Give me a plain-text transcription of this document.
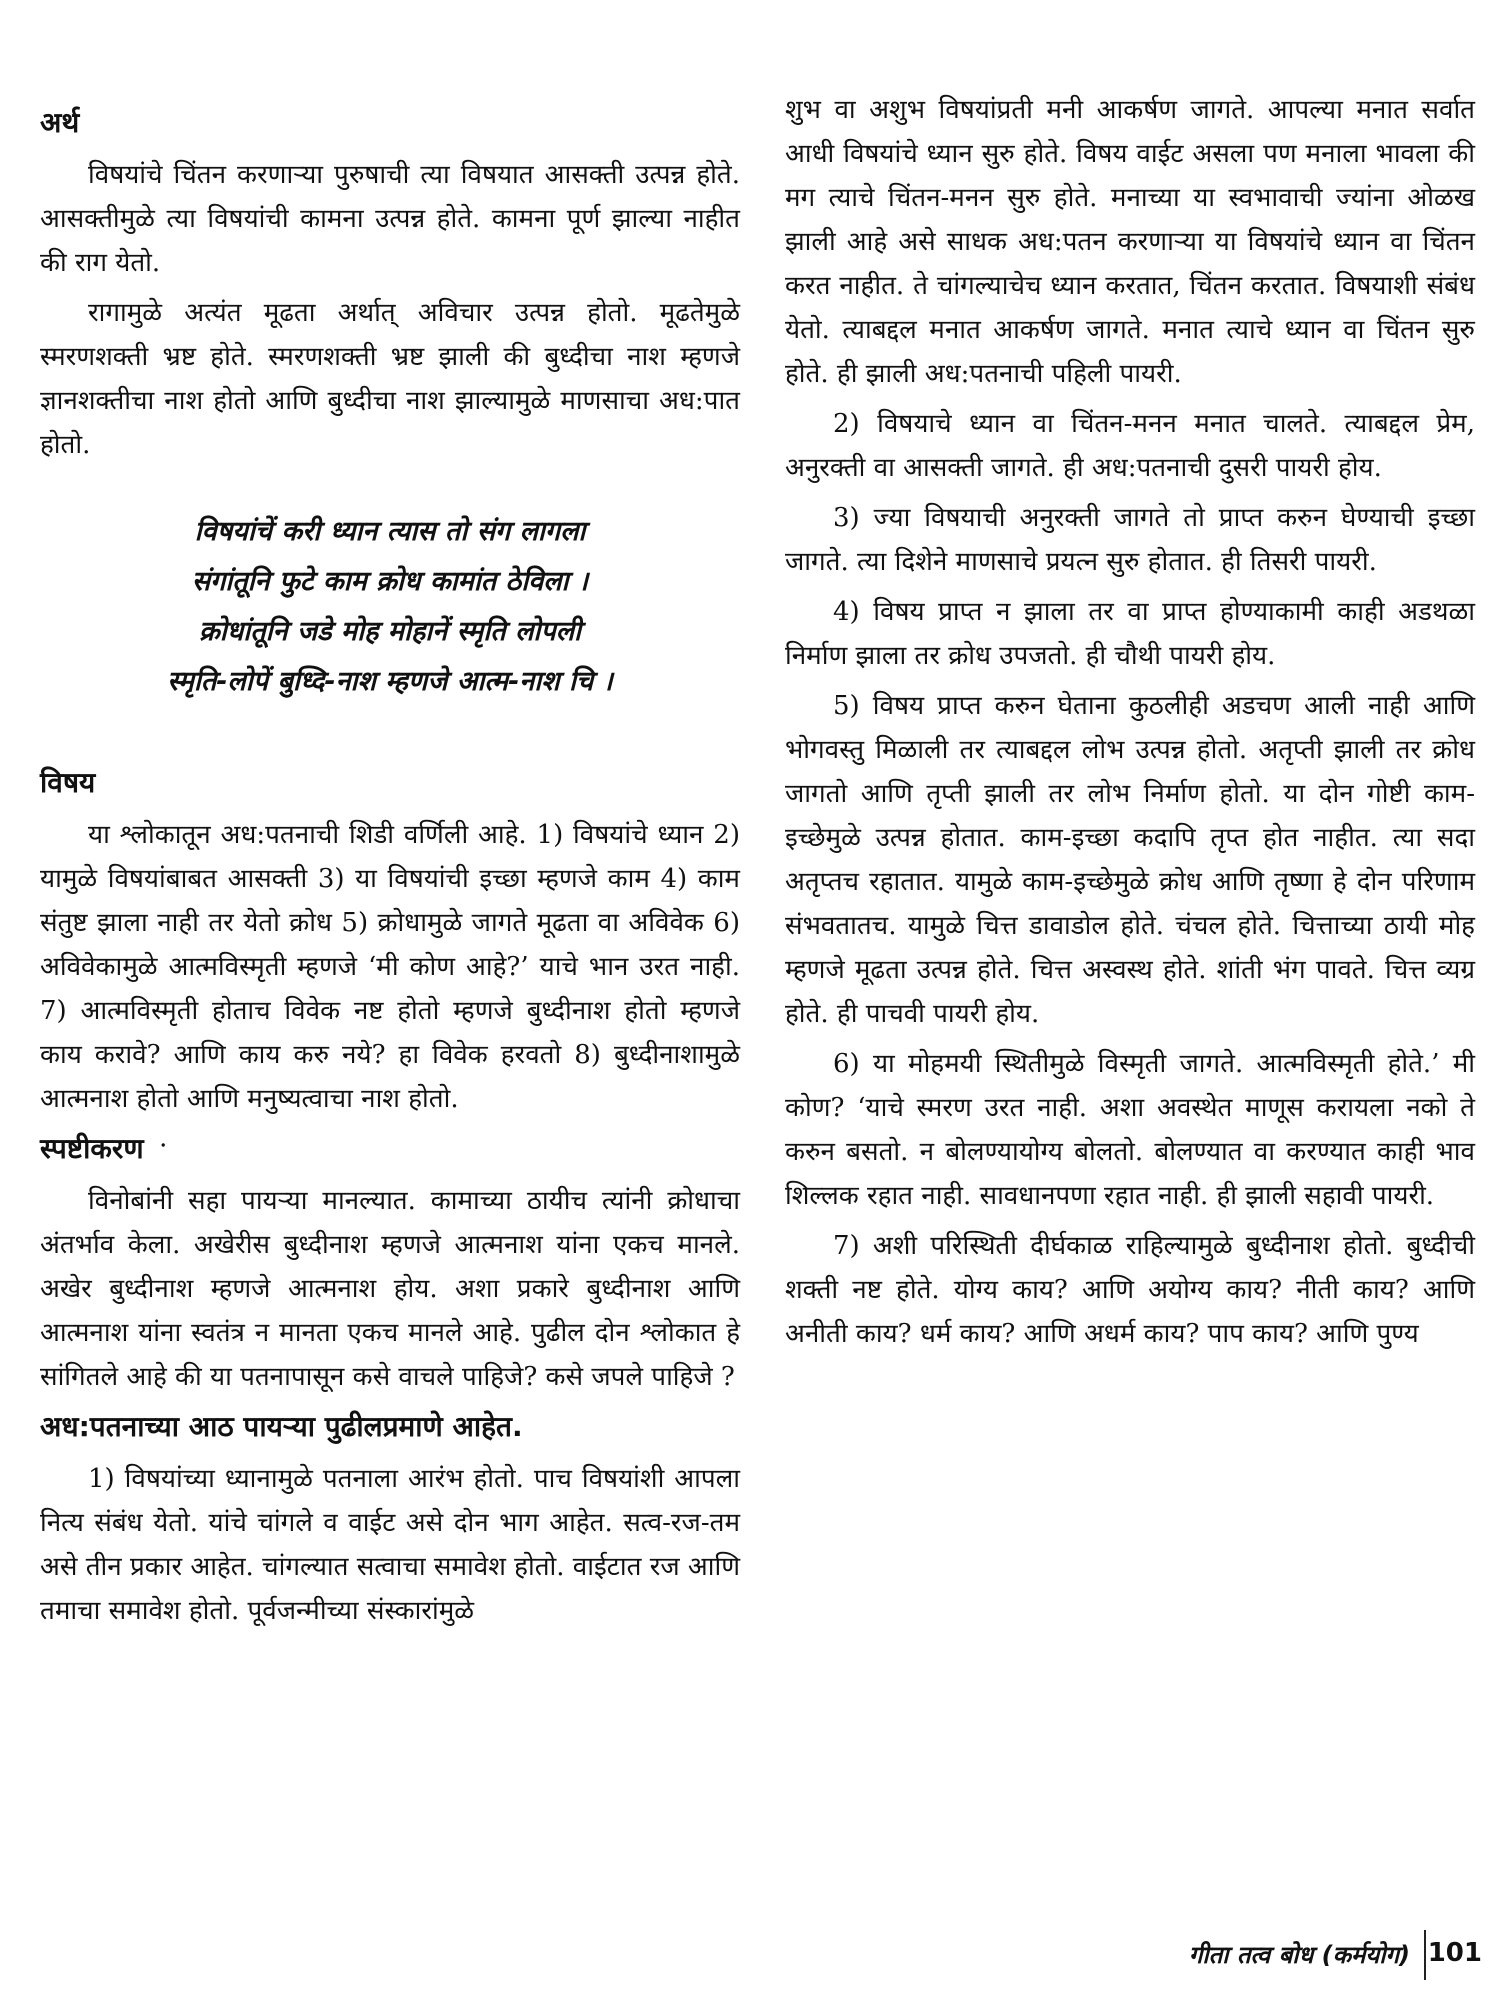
अर्थ

विषयांचे चिंतन करणाऱ्या पुरुषाची त्या विषयात आसक्ती उत्पन्न होते. आसक्तीमुळे त्या विषयांची कामना उत्पन्न होते. कामना पूर्ण झाल्या नाहीत की राग येतो.

रागामुळे अत्यंत मूढता अर्थात् अविचार उत्पन्न होतो. मूढतेमुळे स्मरणशक्ती भ्रष्ट होते. स्मरणशक्ती भ्रष्ट झाली की बुध्दीचा नाश म्हणजे ज्ञानशक्तीचा नाश होतो आणि बुध्दीचा नाश झाल्यामुळे माणसाचा अध:पात होतो.

विषयांचें करी ध्यान त्यास तो संग लागला
संगांतूनि फुटे काम क्रोध कामांत ठेविला ।
क्रोधांतूनि जडे मोह मोहानें स्मृति लोपली
स्मृति-लोपें बुध्दि-नाश म्हणजे आत्म-नाश चि ।
विषय

या श्लोकातून अध:पतनाची शिडी वर्णिली आहे. 1) विषयांचे ध्यान 2) यामुळे विषयांबाबत आसक्ती 3) या विषयांची इच्छा म्हणजे काम 4) काम संतुष्ट झाला नाही तर येतो क्रोध 5) क्रोधामुळे जागते मूढता वा अविवेक 6) अविवेकामुळे आत्मविस्मृती म्हणजे ‘मी कोण आहे?’ याचे भान उरत नाही. 7) आत्मविस्मृती होताच विवेक नष्ट होतो म्हणजे बुध्दीनाश होतो म्हणजे काय करावे? आणि काय करु नये? हा विवेक हरवतो 8) बुध्दीनाशामुळे आत्मनाश होतो आणि मनुष्यत्वाचा नाश होतो.

स्पष्टीकरण ॱ

विनोबांनी सहा पायऱ्या मानल्यात. कामाच्या ठायीच त्यांनी क्रोधाचा अंतर्भाव केला. अखेरीस बुध्दीनाश म्हणजे आत्मनाश यांना एकच मानले. अखेर बुध्दीनाश म्हणजे आत्मनाश होय. अशा प्रकारे बुध्दीनाश आणि आत्मनाश यांना स्वतंत्र न मानता एकच मानले आहे. पुढील दोन श्लोकात हे सांगितले आहे की या पतनापासून कसे वाचले पाहिजे? कसे जपले पाहिजे ?

अध:पतनाच्या आठ पायऱ्या पुढीलप्रमाणे आहेत.

1) विषयांच्या ध्यानामुळे पतनाला आरंभ होतो. पाच विषयांशी आपला नित्य संबंध येतो. यांचे चांगले व वाईट असे दोन भाग आहेत. सत्व-रज-तम असे तीन प्रकार आहेत. चांगल्यात सत्वाचा समावेश होतो. वाईटात रज आणि तमाचा समावेश होतो. पूर्वजन्मीच्या संस्कारांमुळे

शुभ वा अशुभ विषयांप्रती मनी आकर्षण जागते. आपल्या मनात सर्वात आधी विषयांचे ध्यान सुरु होते. विषय वाईट असला पण मनाला भावला की मग त्याचे चिंतन-मनन सुरु होते. मनाच्या या स्वभावाची ज्यांना ओळख झाली आहे असे साधक अध:पतन करणाऱ्या या विषयांचे ध्यान वा चिंतन करत नाहीत. ते चांगल्याचेच ध्यान करतात, चिंतन करतात. विषयाशी संबंध येतो. त्याबद्दल मनात आकर्षण जागते. मनात त्याचे ध्यान वा चिंतन सुरु होते. ही झाली अध:पतनाची पहिली पायरी.

2) विषयाचे ध्यान वा चिंतन-मनन मनात चालते. त्याबद्दल प्रेम, अनुरक्ती वा आसक्ती जागते. ही अध:पतनाची दुसरी पायरी होय.

3) ज्या विषयाची अनुरक्ती जागते तो प्राप्त करुन घेण्याची इच्छा जागते. त्या दिशेने माणसाचे प्रयत्न सुरु होतात. ही तिसरी पायरी.

4) विषय प्राप्त न झाला तर वा प्राप्त होण्याकामी काही अडथळा निर्माण झाला तर क्रोध उपजतो. ही चौथी पायरी होय.

5) विषय प्राप्त करुन घेताना कुठलीही अडचण आली नाही आणि भोगवस्तु मिळाली तर त्याबद्दल लोभ उत्पन्न होतो. अतृप्ती झाली तर क्रोध जागतो आणि तृप्ती झाली तर लोभ निर्माण होतो. या दोन गोष्टी काम-इच्छेमुळे उत्पन्न होतात. काम-इच्छा कदापि तृप्त होत नाहीत. त्या सदा अतृप्तच रहातात. यामुळे काम-इच्छेमुळे क्रोध आणि तृष्णा हे दोन परिणाम संभवतातच. यामुळे चित्त डावाडोल होते. चंचल होते. चित्ताच्या ठायी मोह म्हणजे मूढता उत्पन्न होते. चित्त अस्वस्थ होते. शांती भंग पावते. चित्त व्यग्र होते. ही पाचवी पायरी होय.

6) या मोहमयी स्थितीमुळे विस्मृती जागते. आत्मविस्मृती होते.’ मी कोण? ‘याचे स्मरण उरत नाही. अशा अवस्थेत माणूस करायला नको ते करुन बसतो. न बोलण्यायोग्य बोलतो. बोलण्यात वा करण्यात काही भाव शिल्लक रहात नाही. सावधानपणा रहात नाही. ही झाली सहावी पायरी.

7) अशी परिस्थिती दीर्घकाळ राहिल्यामुळे बुध्दीनाश होतो. बुध्दीची शक्ती नष्ट होते. योग्य काय? आणि अयोग्य काय? नीती काय? आणि अनीती काय? धर्म काय? आणि अधर्म काय? पाप काय? आणि पुण्य

गीता तत्व बोध (कर्मयोग) 101
